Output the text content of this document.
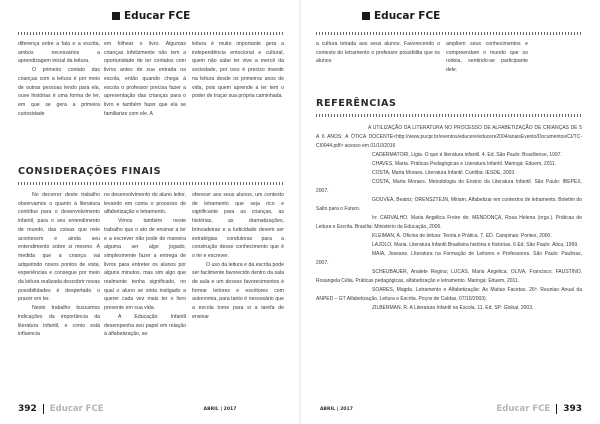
Educar FCE

diferença entre a fala e a escrita, ambos necessários a aprendizagem inicial da leitura.

O primeiro contato das crianças com a leitura é por meio de outras pessoas lendo para ela, ouve histórias é uma forma de ler, em que se gera a primeira curiosidade

em folhear o livro. Algumas crianças infelizmente não tem a oportunidade de ter contatos com livros antes de sua entrada na escola, então quando chega à escola o professor precisa fazer a apresentação das crianças para o livro e também fazer que ela se familiarize com ele. A

leitura é muito importante gera a independência emocional e cultural, quem não sabe ler vive a mercê da sociedade, por isso é preciso investir na leitura desde os primeiros anos de vida, pois quem aprende a ler tem o poder de traçar sua própria caminhada.

CONSIDERAÇÕES FINAIS

No decorrer deste trabalho observamos o quanto à literatura contribui para o desenvolvimento infantil, para o seu entendimento de mundo, das coisas que nele acontecem e ainda seu entendimento sobre si mesmo. À medida que a criança vai adquirindo novos pontos de vista, experiências e consegue por meio da leitura realizada descobrir novas possibilidades é despertado o prazer em ler.

Neste trabalho buscamos indicações da importância da literatura infantil, e como está influencia

no desenvolvimento do aluno leitor, levando em conta o processo de alfabetização e letramento.

Vimos também neste trabalho que o ato de ensinar a ler e a escrever não pode de maneira alguma ser algo jogado, simplesmente fazer a entrega de livros para entreter os alunos por alguns minutos, mas sim algo que realmente tenha significado, no qual o aluno se sinta instigado a querer cada vez mais ter o livro presente em sua vida.

A Educação Infantil desempenha seu papel em relação à alfabetização, ao

oferecer aos seus alunos, um contexto de letramento que seja rico e significante para as crianças, as histórias, as dramatizações, brincadeiras e a ludicidade devem ser estratégias condutoras para a construção desse conhecimento que é o ler e escrever.

O uso da leitura e da escrita pode ser facilmente favorecido dentro da sala de aula e um desses favorecimentos é formar leitores e escritores com autonomia, para tanto é necessário que a escola torne para si a tarefa de ensinar

392 Educar FCE	ABRIL | 2017
Educar FCE

a cultura letrada aos seus alunos. Favorecendo o contexto do letramento o professor possibilita que os alunos

ampliem seus conhecimentos e compreendam o mundo que os rodeia, sentindo-se participante dele.

REFERÊNCIAS

A UTILIZAÇÃO DA LITERATURA NO PROCESSO DE ALFABETIZAÇÃO DE CRIANÇAS DE 5 A 6 ANOS: A ÓTICA DOCENTE<http://www.pucpr.br/eventos/educere/educere2004/anaisEvento/Documentos/CI/TC-CI0044.pdf> acesso em 01/10/2016

CADERMATORI, Ligia. O que é literatura infantil. 4. Ed. São Paulo: Brasiliense, 1997.

CHAVES, Marta. Práticas Pedagógicas e Literatura Infantil. Maringá: Eduem, 2011.

COSTA, Marta Moraes. Literatura Infantil. Curitiba: IESDE, 2003.

COSTA, Marta Moraes. Metodologia do Ensino da Literatura Infantil. São Paulo: IBEPEX, 2007.

GOUVEA, Beatriz; ORENSZTEJN, Miriam. Alfabetizar em contextos de letramento. Boletim do Salto para o Futuro.

In: CARVALHO, Maria Angélica Freire de; MENDONÇA, Rosa Helena (orgs.). Práticas de Leitura e Escrita. Brasília: Ministério da Educação, 2006.

KLEIMAN, A. Oficina de leitura: Teoria e Prática. 7. ED. Campinas: Pontes, 2000.

LAJOLO, Maria. Literatura Infantil Brasileira história e histórias. 6 Ed. São Paulo: Ática, 1999.

MAIA, Joseane. LIteratura na Formação de Leitores e Professores. São Paulo: Paulinas, 2007.

SCHEUBAUER, Analete Regina; LUCAS, Maria Angélica; OLIVA, Francisco; FAUSTINO, Rosangela Célia. Práticas pedagógicas, alfabetização e letramento. Maringá: Eduem, 2011.

SOARES, Magda. Letramento e Alfabetização: As Muitas Facetas. 26ª. Reuniao Anual da ANPED – GT Alfabetização, Leitura e Escrita. Poços de Caldas, 07/10/2003).

ZILBERMAN, R. A Literatura Infantil na Escola. 11. Ed. SP: Global, 2003.

ABRIL | 2017	Educar FCE 393
